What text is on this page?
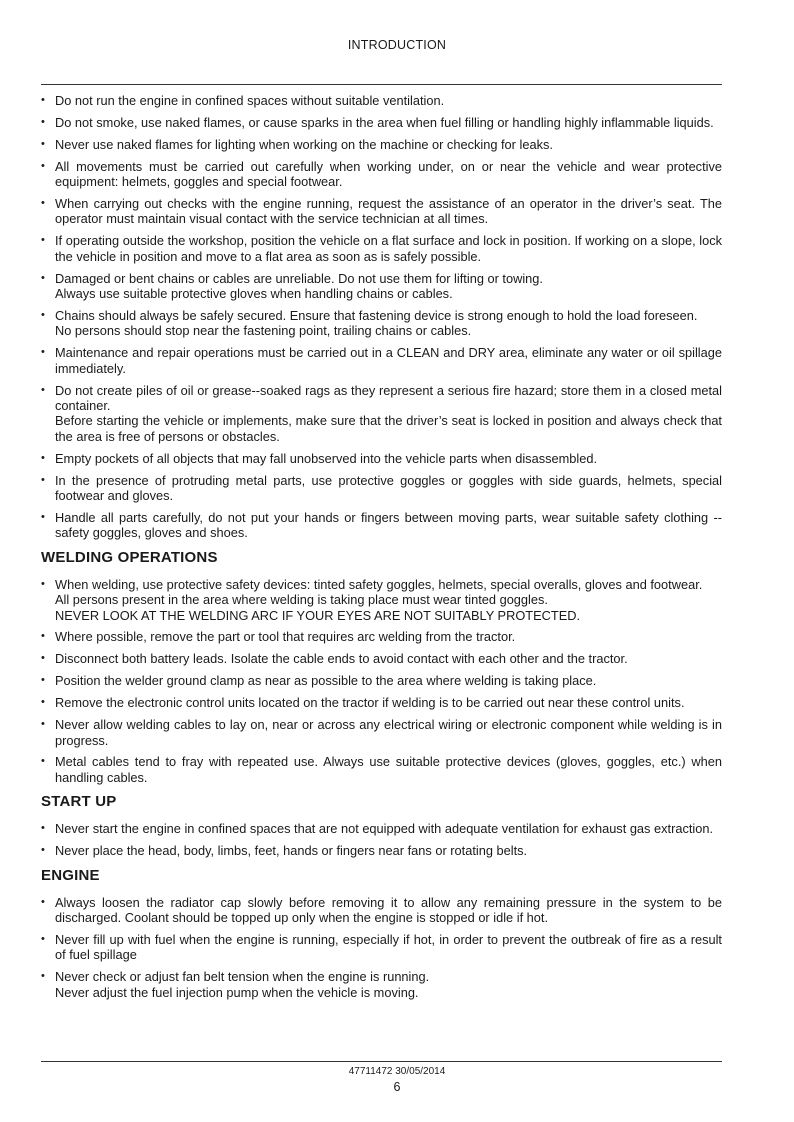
INTRODUCTION
• Do not run the engine in confined spaces without suitable ventilation.
• Do not smoke, use naked flames, or cause sparks in the area when fuel filling or handling highly inflammable liquids.
• Never use naked flames for lighting when working on the machine or checking for leaks.
• All movements must be carried out carefully when working under, on or near the vehicle and wear protective equipment: helmets, goggles and special footwear.
• When carrying out checks with the engine running, request the assistance of an operator in the driver’s seat. The operator must maintain visual contact with the service technician at all times.
• If operating outside the workshop, position the vehicle on a flat surface and lock in position. If working on a slope, lock the vehicle in position and move to a flat area as soon as is safely possible.
• Damaged or bent chains or cables are unreliable. Do not use them for lifting or towing.
Always use suitable protective gloves when handling chains or cables.
• Chains should always be safely secured. Ensure that fastening device is strong enough to hold the load foreseen.
No persons should stop near the fastening point, trailing chains or cables.
• Maintenance and repair operations must be carried out in a CLEAN and DRY area, eliminate any water or oil spillage immediately.
• Do not create piles of oil or grease--soaked rags as they represent a serious fire hazard; store them in a closed metal container.
Before starting the vehicle or implements, make sure that the driver’s seat is locked in position and always check that the area is free of persons or obstacles.
• Empty pockets of all objects that may fall unobserved into the vehicle parts when disassembled.
• In the presence of protruding metal parts, use protective goggles or goggles with side guards, helmets, special footwear and gloves.
• Handle all parts carefully, do not put your hands or fingers between moving parts, wear suitable safety clothing -- safety goggles, gloves and shoes.
WELDING OPERATIONS
• When welding, use protective safety devices: tinted safety goggles, helmets, special overalls, gloves and footwear.
All persons present in the area where welding is taking place must wear tinted goggles.
NEVER LOOK AT THE WELDING ARC IF YOUR EYES ARE NOT SUITABLY PROTECTED.
• Where possible, remove the part or tool that requires arc welding from the tractor.
• Disconnect both battery leads. Isolate the cable ends to avoid contact with each other and the tractor.
• Position the welder ground clamp as near as possible to the area where welding is taking place.
• Remove the electronic control units located on the tractor if welding is to be carried out near these control units.
• Never allow welding cables to lay on, near or across any electrical wiring or electronic component while welding is in progress.
• Metal cables tend to fray with repeated use. Always use suitable protective devices (gloves, goggles, etc.) when handling cables.
START UP
• Never start the engine in confined spaces that are not equipped with adequate ventilation for exhaust gas extraction.
• Never place the head, body, limbs, feet, hands or fingers near fans or rotating belts.
ENGINE
• Always loosen the radiator cap slowly before removing it to allow any remaining pressure in the system to be discharged. Coolant should be topped up only when the engine is stopped or idle if hot.
• Never fill up with fuel when the engine is running, especially if hot, in order to prevent the outbreak of fire as a result of fuel spillage
• Never check or adjust fan belt tension when the engine is running.
Never adjust the fuel injection pump when the vehicle is moving.
47711472 30/05/2014
6
